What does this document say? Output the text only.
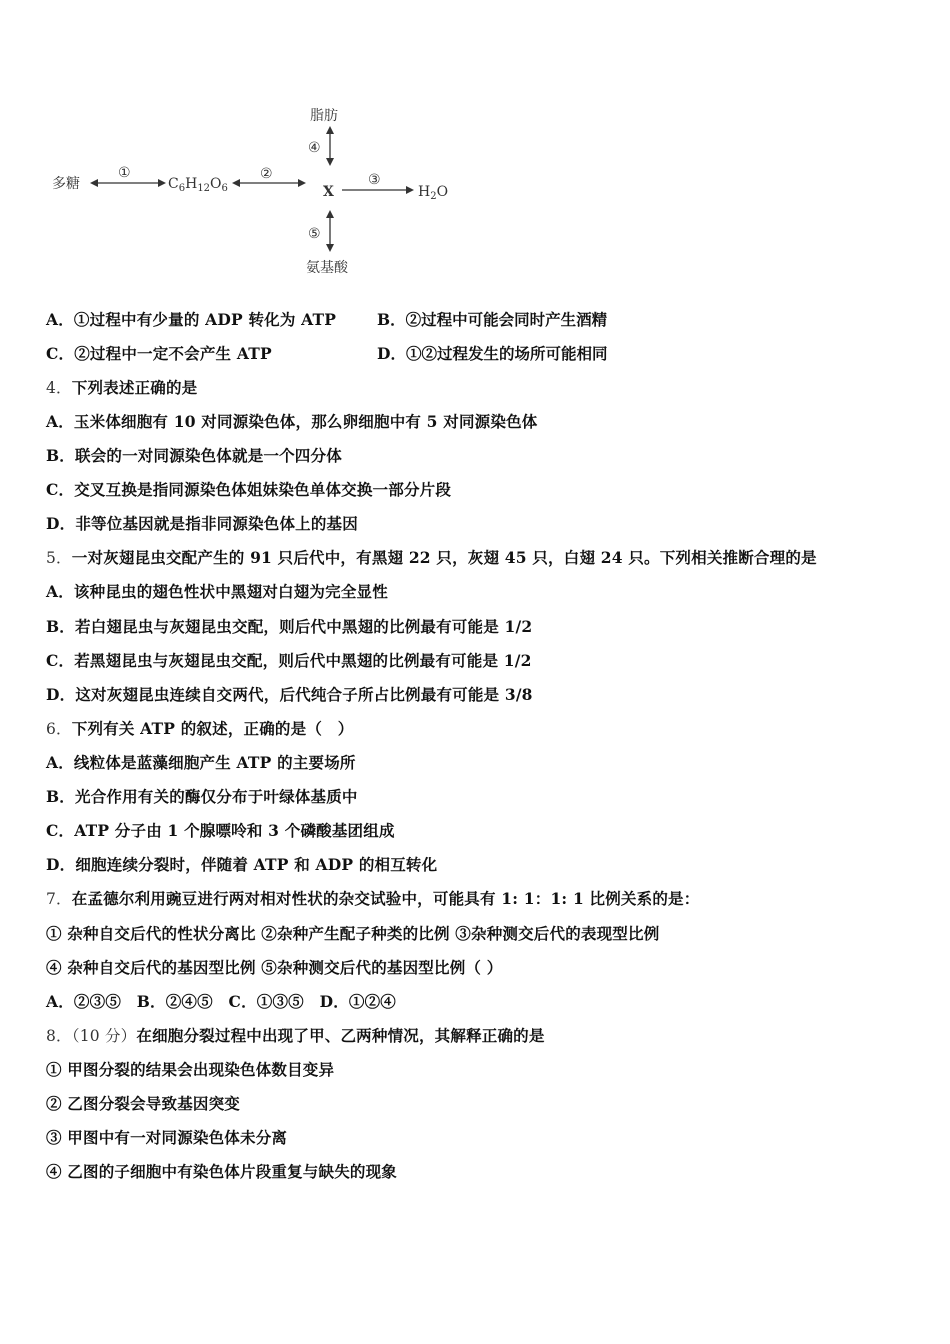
脂肪
④
多糖
①
$C_6H_{12}O_6$
②
X
③
$H_2O$
⑤
氨基酸
A．①过程中有少量的 ADP 转化为 ATP	B．②过程中可能会同时产生酒精
C．②过程中一定不会产生 ATP	D．①②过程发生的场所可能相同
4．下列表述正确的是
A．玉米体细胞有 10 对同源染色体，那么卵细胞中有 5 对同源染色体
B．联会的一对同源染色体就是一个四分体
C．交叉互换是指同源染色体姐妹染色单体交换一部分片段
D．非等位基因就是指非同源染色体上的基因
5．一对灰翅昆虫交配产生的 91 只后代中，有黑翅 22 只，灰翅 45 只，白翅 24 只。下列相关推断合理的是
A．该种昆虫的翅色性状中黑翅对白翅为完全显性
B．若白翅昆虫与灰翅昆虫交配，则后代中黑翅的比例最有可能是 1/2
C．若黑翅昆虫与灰翅昆虫交配，则后代中黑翅的比例最有可能是 1/2
D．这对灰翅昆虫连续自交两代，后代纯合子所占比例最有可能是 3/8
6．下列有关 ATP 的叙述，正确的是（　）
A．线粒体是蓝藻细胞产生 ATP 的主要场所
B．光合作用有关的酶仅分布于叶绿体基质中
C．ATP 分子由 1 个腺嘌呤和 3 个磷酸基团组成
D．细胞连续分裂时，伴随着 ATP 和 ADP 的相互转化
7．在孟德尔利用豌豆进行两对相对性状的杂交试验中，可能具有 1: 1：1: 1 比例关系的是：
① 杂种自交后代的性状分离比 ②杂种产生配子种类的比例 ③杂种测交后代的表现型比例
④ 杂种自交后代的基因型比例 ⑤杂种测交后代的基因型比例（ ）
A．②③⑤　B．②④⑤　C．①③⑤　D．①②④
8．（10 分）在细胞分裂过程中出现了甲、乙两种情况，其解释正确的是
① 甲图分裂的结果会出现染色体数目变异
② 乙图分裂会导致基因突变
③ 甲图中有一对同源染色体未分离
④ 乙图的子细胞中有染色体片段重复与缺失的现象
